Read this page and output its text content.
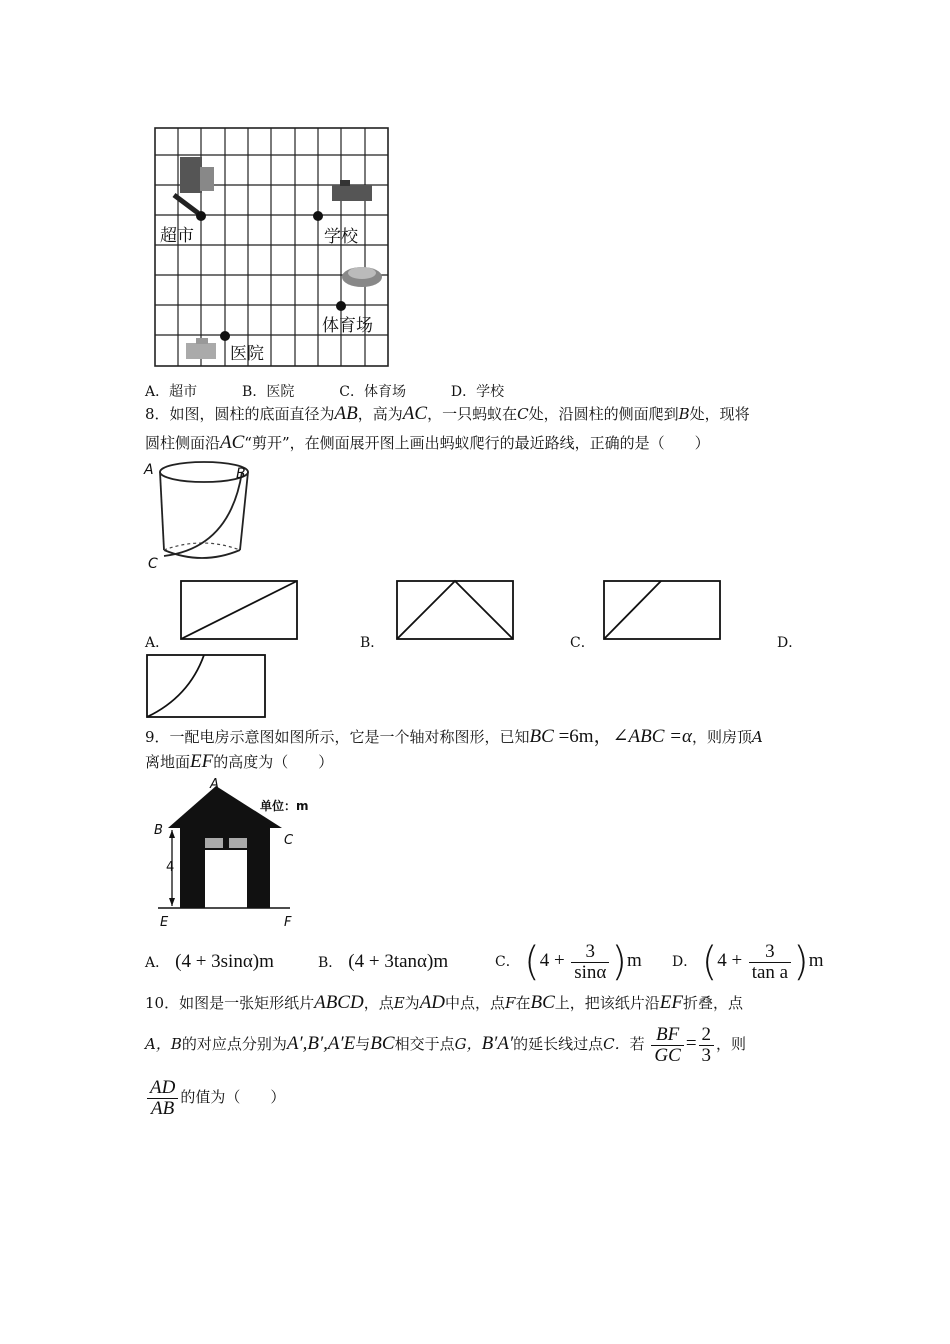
超市	学校
体育场
医院
A．超市	B．医院	C．体育场	D．学校
8．如图，圆柱的底面直径为AB，高为AC，一只蚂蚁在C处，沿圆柱的侧面爬到B处，现将
圆柱侧面沿AC“剪开”，在侧面展开图上画出蚂蚁爬行的最近路线，正确的是（　　）
A	B
C
A．	B．	C．	D．
9．一配电房示意图如图所示，它是一个轴对称图形，已知BC =6m，∠ABC =α，则房顶A
离地面EF的高度为（　　）
4
A
B
C
E	F
单位：m
A． (4 + 3sinα)m	B． (4 + 3tanα)m	C． $(4 + \frac{3}{\sin\alpha} )m$ D． $(4 + \frac{3}{\text{tan a}} )m$
10．如图是一张矩形纸片ABCD，点E为AD中点，点F在BC上，把该纸片沿EF折叠，点
A，B的对应点分别为A′,B′,A′E与BC相交于点G，B′A′的延长线过点C．若 $\frac{BF}{GC} = \frac{2}{3}$ ，则
$\frac{AD}{AB}$ 的值为（　　）
